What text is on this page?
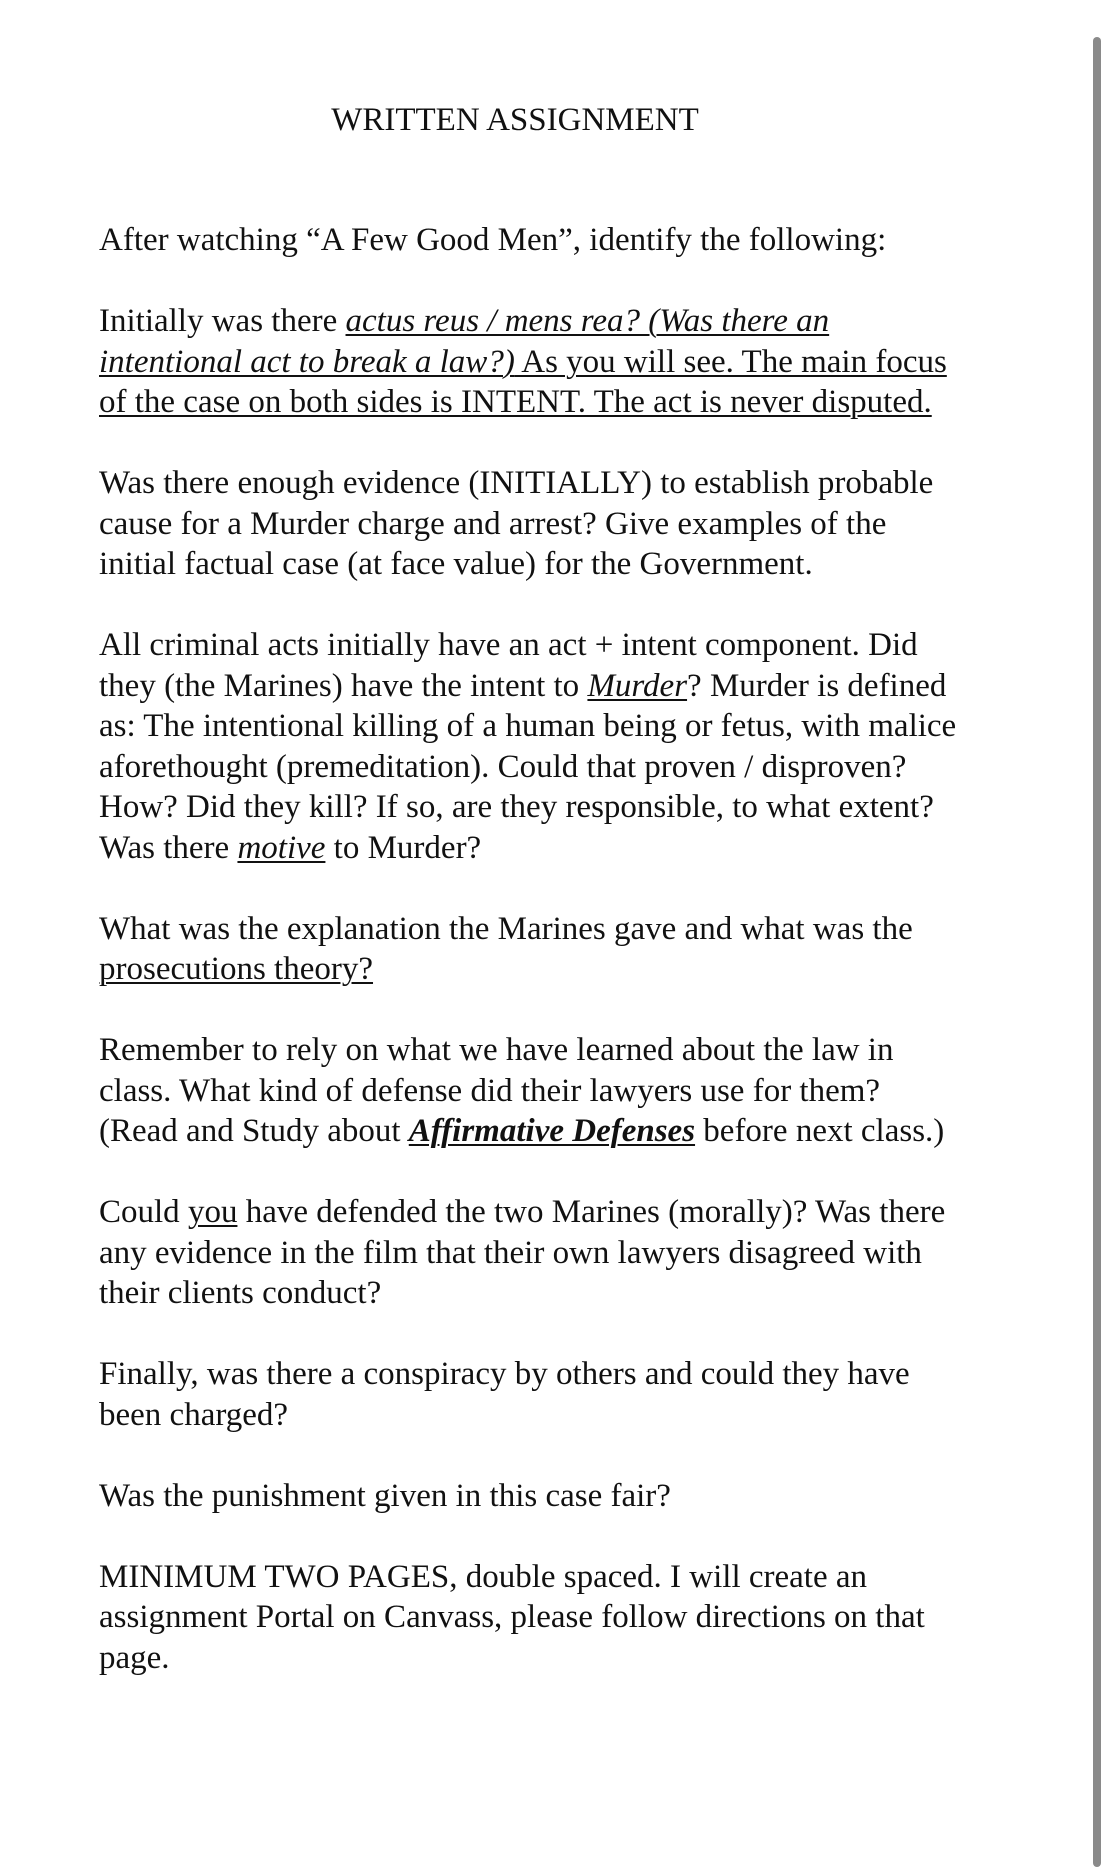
WRITTEN ASSIGNMENT

After watching “A Few Good Men”, identify the following:

Initially was there actus reus / mens rea? (Was there an intentional act to break a law?) As you will see. The main focus of the case on both sides is INTENT. The act is never disputed.

Was there enough evidence (INITIALLY) to establish probable cause for a Murder charge and arrest? Give examples of the initial factual case (at face value) for the Government.

All criminal acts initially have an act + intent component. Did they (the Marines) have the intent to Murder? Murder is defined as: The intentional killing of a human being or fetus, with malice aforethought (premeditation). Could that proven / disproven? How? Did they kill? If so, are they responsible, to what extent? Was there motive to Murder?

What was the explanation the Marines gave and what was the prosecutions theory?

Remember to rely on what we have learned about the law in class. What kind of defense did their lawyers use for them? (Read and Study about Affirmative Defenses before next class.)

Could you have defended the two Marines (morally)? Was there any evidence in the film that their own lawyers disagreed with their clients conduct?

Finally, was there a conspiracy by others and could they have been charged?

Was the punishment given in this case fair?

MINIMUM TWO PAGES, double spaced. I will create an assignment Portal on Canvass, please follow directions on that page.
